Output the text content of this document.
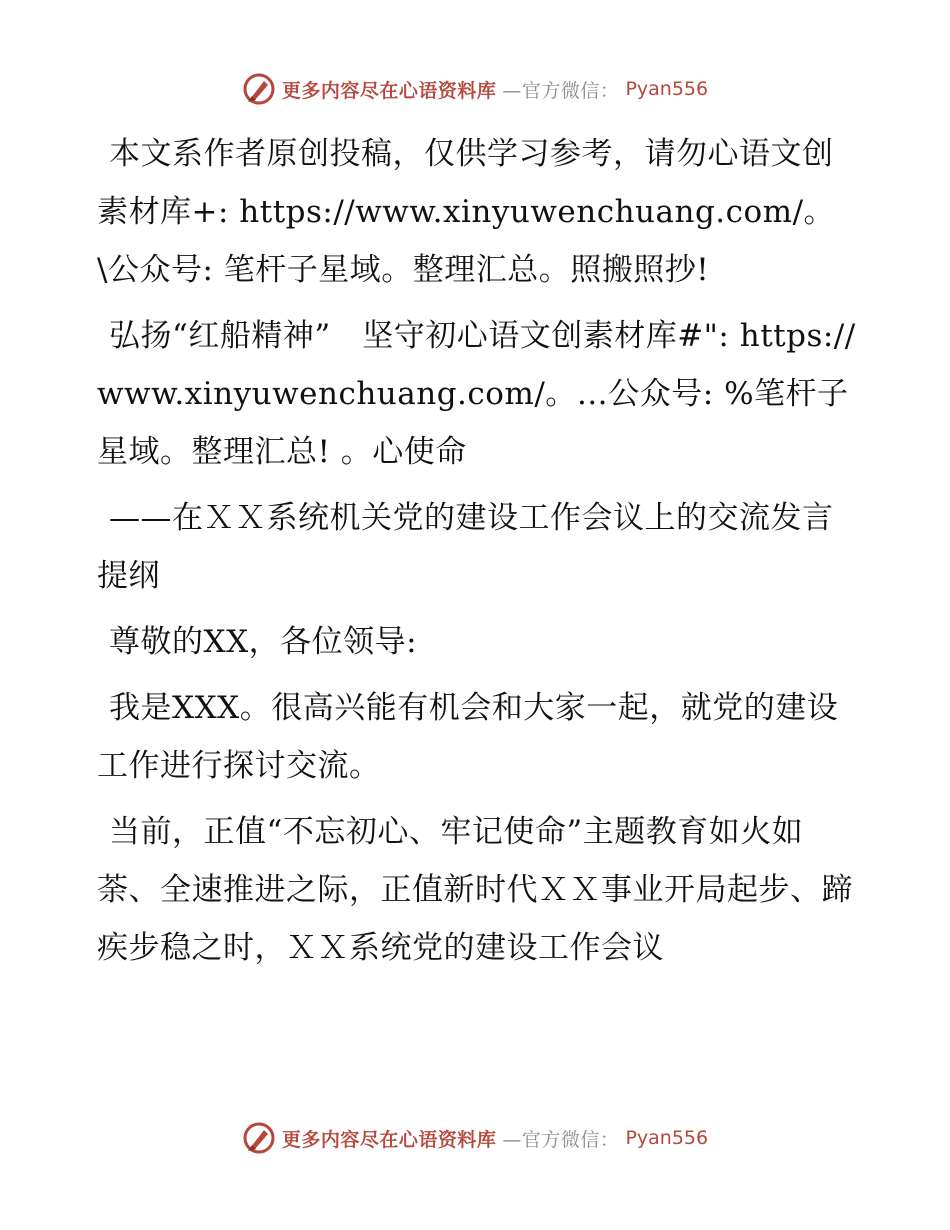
更多内容尽在心语资料库 —官方微信： Pyan556

本文系作者原创投稿，仅供学习参考，请勿心语文创素材库+: https://www.xinyuwenchuang.com/。\公众号: 笔杆子星域。整理汇总。照搬照抄!

弘扬“红船精神”　坚守初心语文创素材库#": https://www.xinyuwenchuang.com/。…公众号: %笔杆子星域。整理汇总! 。心使命

——在ＸＸ系统机关党的建设工作会议上的交流发言提纲

尊敬的XX，各位领导:

我是XXX。很高兴能有机会和大家一起，就党的建设工作进行探讨交流。

当前，正值“不忘初心、牢记使命”主题教育如火如荼、全速推进之际，正值新时代ＸＸ事业开局起步、蹄疾步稳之时，ＸＸ系统党的建设工作会议

更多内容尽在心语资料库 —官方微信： Pyan556
